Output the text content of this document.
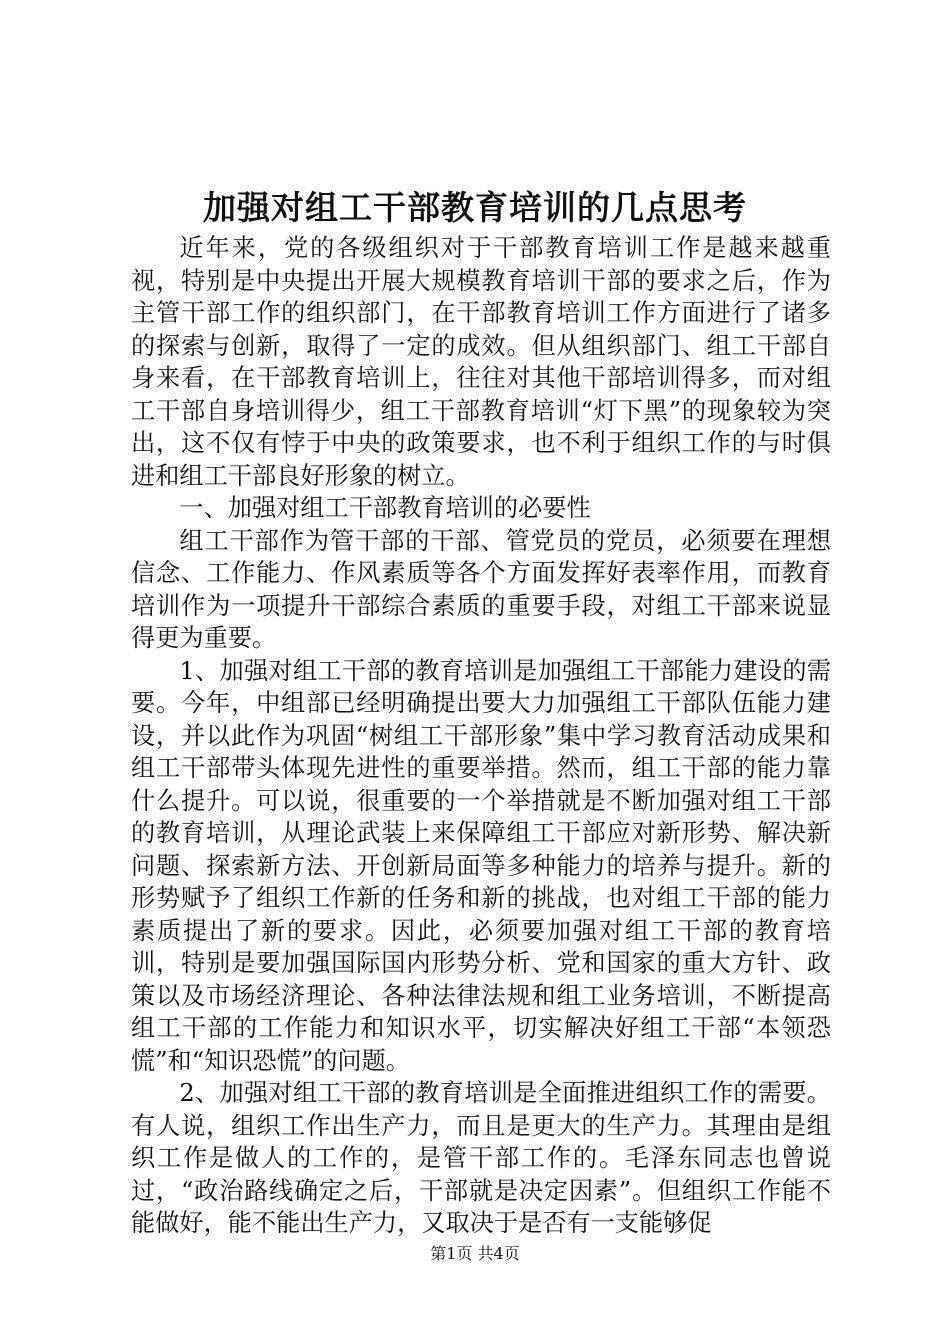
加强对组工干部教育培训的几点思考

近年来，党的各级组织对于干部教育培训工作是越来越重视，特别是中央提出开展大规模教育培训干部的要求之后，作为主管干部工作的组织部门，在干部教育培训工作方面进行了诸多的探索与创新，取得了一定的成效。但从组织部门、组工干部自身来看，在干部教育培训上，往往对其他干部培训得多，而对组工干部自身培训得少，组工干部教育培训“灯下黑”的现象较为突出，这不仅有悖于中央的政策要求，也不利于组织工作的与时俱进和组工干部良好形象的树立。

一、加强对组工干部教育培训的必要性

组工干部作为管干部的干部、管党员的党员，必须要在理想信念、工作能力、作风素质等各个方面发挥好表率作用，而教育培训作为一项提升干部综合素质的重要手段，对组工干部来说显得更为重要。

1、加强对组工干部的教育培训是加强组工干部能力建设的需要。今年，中组部已经明确提出要大力加强组工干部队伍能力建设，并以此作为巩固“树组工干部形象”集中学习教育活动成果和组工干部带头体现先进性的重要举措。然而，组工干部的能力靠什么提升。可以说，很重要的一个举措就是不断加强对组工干部的教育培训，从理论武装上来保障组工干部应对新形势、解决新问题、探索新方法、开创新局面等多种能力的培养与提升。新的形势赋予了组织工作新的任务和新的挑战，也对组工干部的能力素质提出了新的要求。因此，必须要加强对组工干部的教育培训，特别是要加强国际国内形势分析、党和国家的重大方针、政策以及市场经济理论、各种法律法规和组工业务培训，不断提高组工干部的工作能力和知识水平，切实解决好组工干部“本领恐慌”和“知识恐慌”的问题。

2、加强对组工干部的教育培训是全面推进组织工作的需要。有人说，组织工作出生产力，而且是更大的生产力。其理由是组织工作是做人的工作的，是管干部工作的。毛泽东同志也曾说过，“政治路线确定之后，干部就是决定因素”。但组织工作能不能做好，能不能出生产力，又取决于是否有一支能够促

第1页 共4页
